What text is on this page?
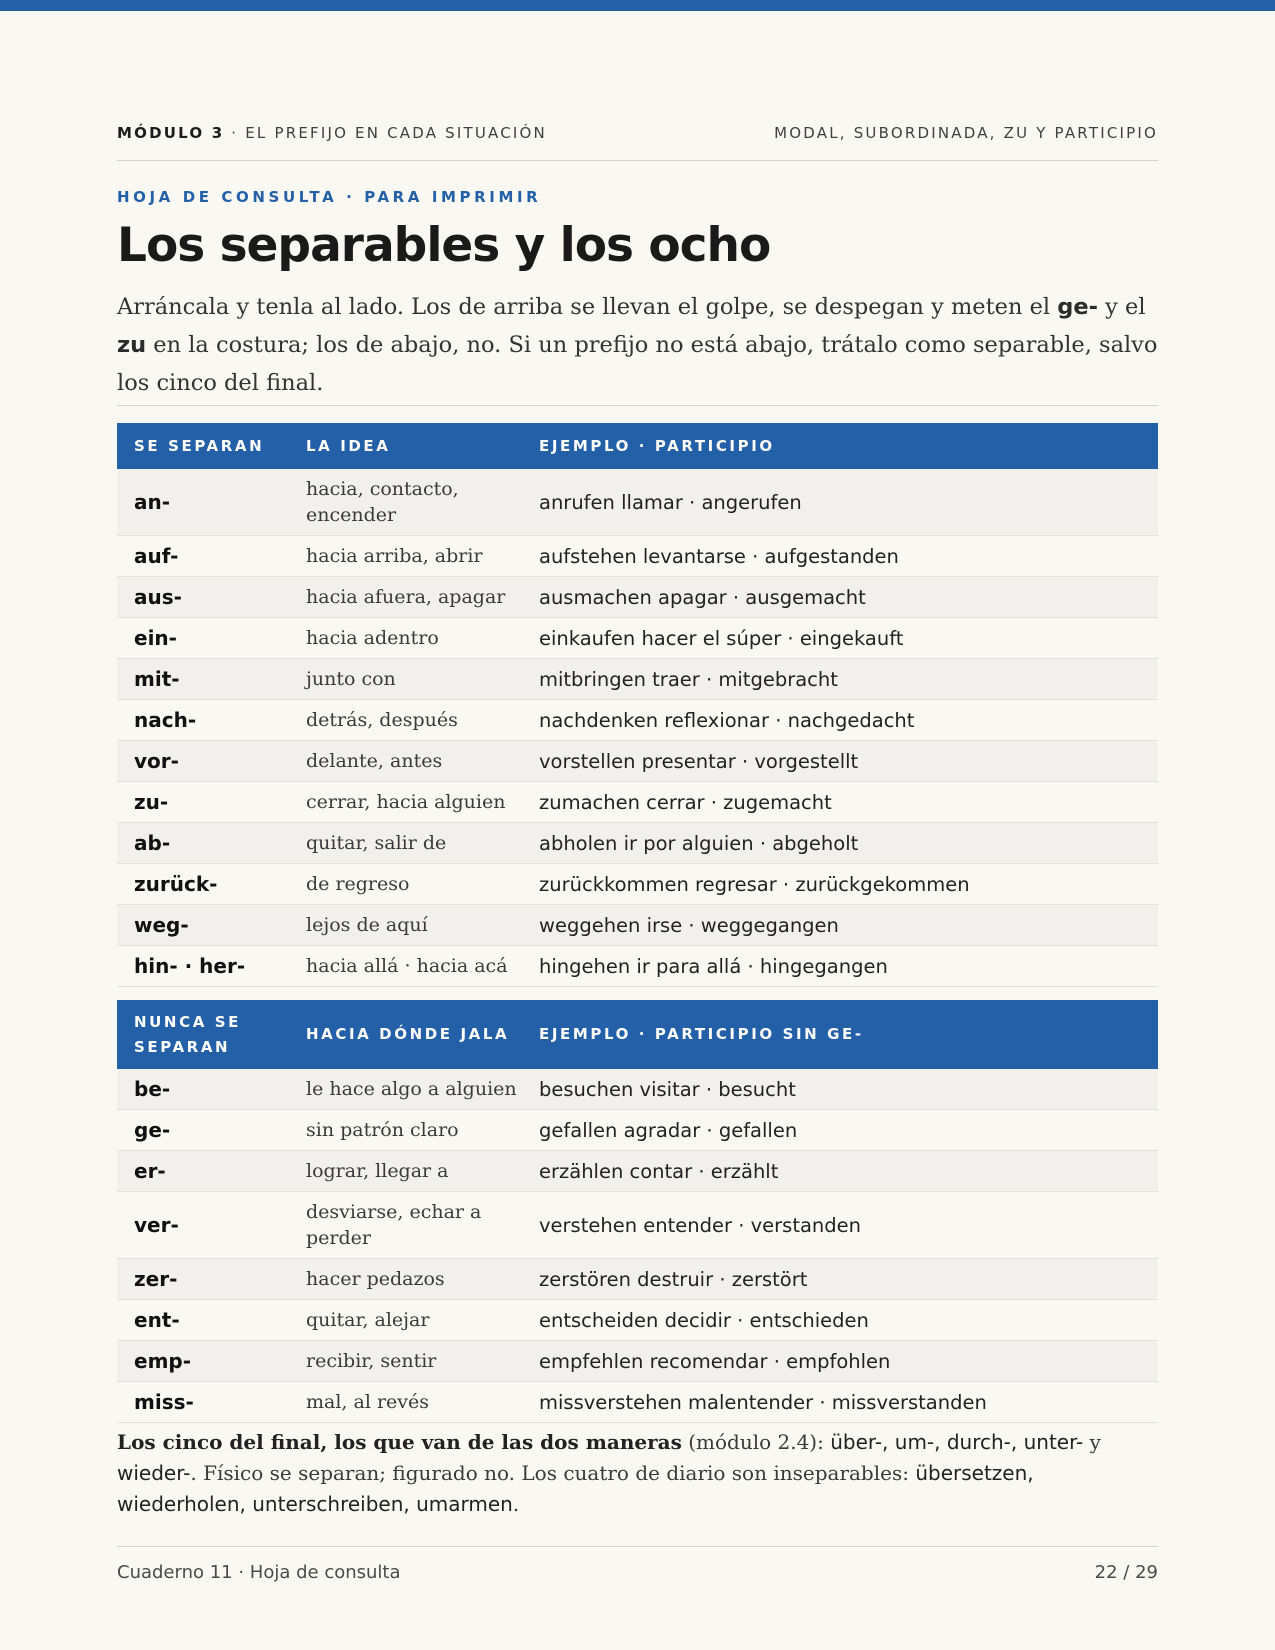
MÓDULO 3 · EL PREFIJO EN CADA SITUACIÓN	MODAL, SUBORDINADA, ZU Y PARTICIPIO
HOJA DE CONSULTA · PARA IMPRIMIR
Los separables y los ocho

Arráncala y tenla al lado. Los de arriba se llevan el golpe, se despegan y meten el ge- y el zu en la costura; los de abajo, no. Si un prefijo no está abajo, trátalo como separable, salvo los cinco del final.

SE SEPARAN	LA IDEA	EJEMPLO · PARTICIPIO
an-	hacia, contacto, encender	anrufen llamar · angerufen
auf-	hacia arriba, abrir	aufstehen levantarse · aufgestanden
aus-	hacia afuera, apagar	ausmachen apagar · ausgemacht
ein-	hacia adentro	einkaufen hacer el súper · eingekauft
mit-	junto con	mitbringen traer · mitgebracht
nach-	detrás, después	nachdenken reflexionar · nachgedacht
vor-	delante, antes	vorstellen presentar · vorgestellt
zu-	cerrar, hacia alguien	zumachen cerrar · zugemacht
ab-	quitar, salir de	abholen ir por alguien · abgeholt
zurück-	de regreso	zurückkommen regresar · zurückgekommen
weg-	lejos de aquí	weggehen irse · weggegangen
hin- · her-	hacia allá · hacia acá	hingehen ir para allá · hingegangen
NUNCA SE SEPARAN	HACIA DÓNDE JALA	EJEMPLO · PARTICIPIO SIN GE-
be-	le hace algo a alguien	besuchen visitar · besucht
ge-	sin patrón claro	gefallen agradar · gefallen
er-	lograr, llegar a	erzählen contar · erzählt
ver-	desviarse, echar a perder	verstehen entender · verstanden
zer-	hacer pedazos	zerstören destruir · zerstört
ent-	quitar, alejar	entscheiden decidir · entschieden
emp-	recibir, sentir	empfehlen recomendar · empfohlen
miss-	mal, al revés	missverstehen malentender · missverstanden

Los cinco del final, los que van de las dos maneras (módulo 2.4): über-, um-, durch-, unter- y wieder-. Físico se separan; figurado no. Los cuatro de diario son inseparables: übersetzen, wiederholen, unterschreiben, umarmen.

Cuaderno 11 · Hoja de consulta	22 / 29
